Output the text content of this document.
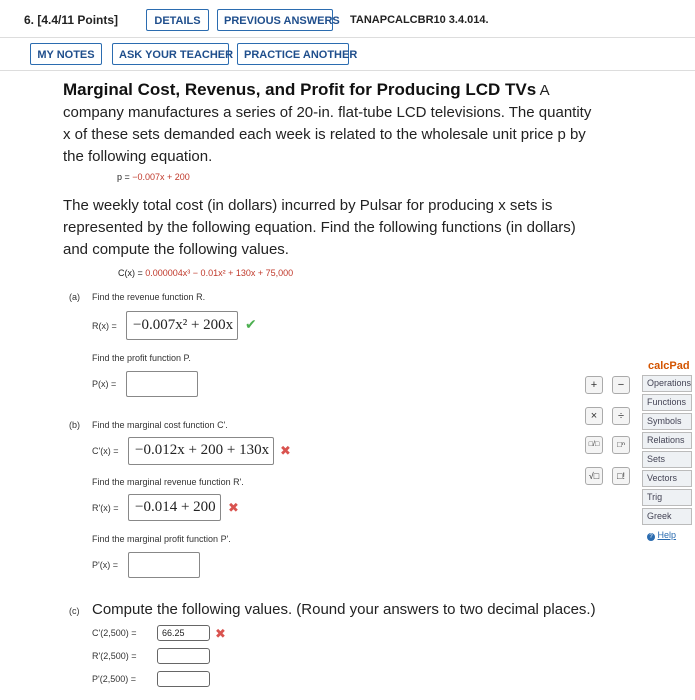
6. [4.4/11 Points]	DETAILS	PREVIOUS ANSWERS TANAPCALCBR10 3.4.014.
MY NOTES	ASK YOUR TEACHER PRACTICE ANOTHER
Marginal Cost, Revenus, and Profit for Producing LCD TVs A
company manufactures a series of 20-in. flat-tube LCD televisions. The quantity
x of these sets demanded each week is related to the wholesale unit price p by
the following equation.
p = −0.007x + 200
The weekly total cost (in dollars) incurred by Pulsar for producing x sets is
represented by the following equation. Find the following functions (in dollars)
and compute the following values.
C(x) = 0.000004x³ − 0.01x² + 130x + 75,000
(a) Find the revenue function R.
R(x) = −0.007x² + 200x ✔
Find the profit function P.
P(x) =
(b) Find the marginal cost function C'.
C'(x) = −0.012x + 200 + 130x ✖
Find the marginal revenue function R'.
R'(x) = −0.014 + 200 ✖
Find the marginal profit function P'.
P'(x) =
calcPad
+	−
×	÷
□/□	□ⁿ
√□	□!
Operations
Functions
Symbols
Relations
Sets
Vectors
Trig
Greek
? Help
(c) Compute the following values. (Round your answers to two decimal places.)
C'(2,500) =	66.25	✖
R'(2,500) =
P'(2,500) =
